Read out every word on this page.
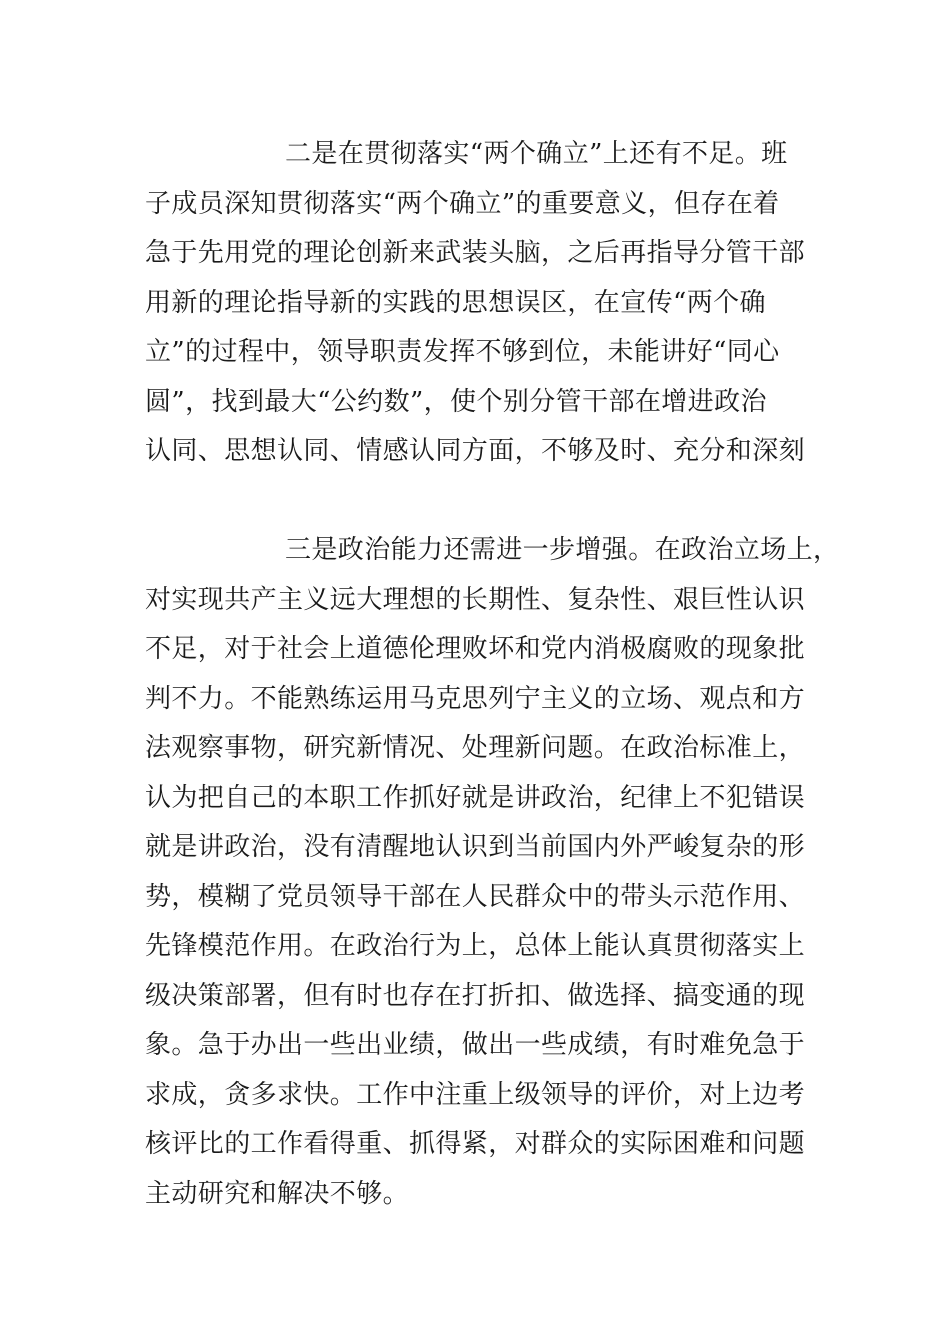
二是在贯彻落实“两个确立”上还有不足。班
子成员深知贯彻落实“两个确立”的重要意义，但存在着
急于先用党的理论创新来武装头脑，之后再指导分管干部
用新的理论指导新的实践的思想误区，在宣传“两个确
立”的过程中，领导职责发挥不够到位，未能讲好“同心
圆”，找到最大“公约数”，使个别分管干部在增进政治
认同、思想认同、情感认同方面，不够及时、充分和深刻
三是政治能力还需进一步增强。在政治立场上，
对实现共产主义远大理想的长期性、复杂性、艰巨性认识
不足，对于社会上道德伦理败坏和党内消极腐败的现象批
判不力。不能熟练运用马克思列宁主义的立场、观点和方
法观察事物，研究新情况、处理新问题。在政治标准上，
认为把自己的本职工作抓好就是讲政治，纪律上不犯错误
就是讲政治，没有清醒地认识到当前国内外严峻复杂的形
势，模糊了党员领导干部在人民群众中的带头示范作用、
先锋模范作用。在政治行为上，总体上能认真贯彻落实上
级决策部署，但有时也存在打折扣、做选择、搞变通的现
象。急于办出一些出业绩，做出一些成绩，有时难免急于
求成，贪多求快。工作中注重上级领导的评价，对上边考
核评比的工作看得重、抓得紧，对群众的实际困难和问题
主动研究和解决不够。
